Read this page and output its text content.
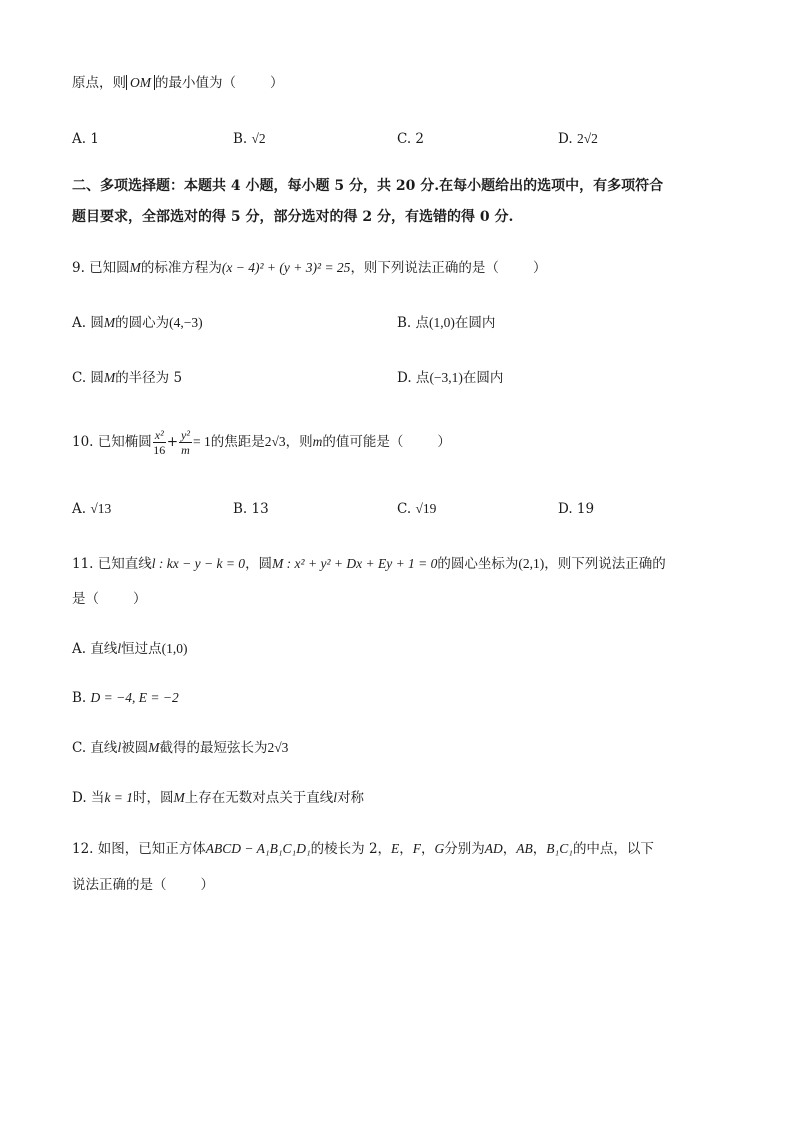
原点，则 OM 的最小值为（	）
A. 1	B. √2	C. 2	D. 2√2
二、多项选择题：本题共 4 小题，每小题 5 分，共 20 分.在每小题给出的选项中，有多项符合
题目要求，全部选对的得 5 分，部分选对的得 2 分，有选错的得 0 分.
9. 已知圆M的标准方程为(x − 4)² + (y + 3)² = 25，则下列说法正确的是（	）
A. 圆M的圆心为(4,−3)	B. 点(1,0)在圆内
C. 圆M的半径为 5	D. 点(−3,1)在圆内
10. 已知椭圆 $\frac{\text{x²}}{16} + \frac{\text{y²}}{m} = 1$的焦距是2√3，则m的值可能是（	）
A. √13	B. 13	C. √19	D. 19
11. 已知直线l : kx − y − k = 0，圆M : x² + y² + Dx + Ey + 1 = 0的圆心坐标为(2,1)，则下列说法正确的
是（	）
A. 直线l恒过点(1,0)
B. D = −4, E = −2
C. 直线l被圆M截得的最短弦长为2√3
D. 当k = 1时，圆M上存在无数对点关于直线l对称
12. 如图，已知正方体ABCD − A₁B₁C₁D₁的棱长为 2，E，F，G分别为AD，AB，B₁C₁的中点，以下
说法正确的是（	）
